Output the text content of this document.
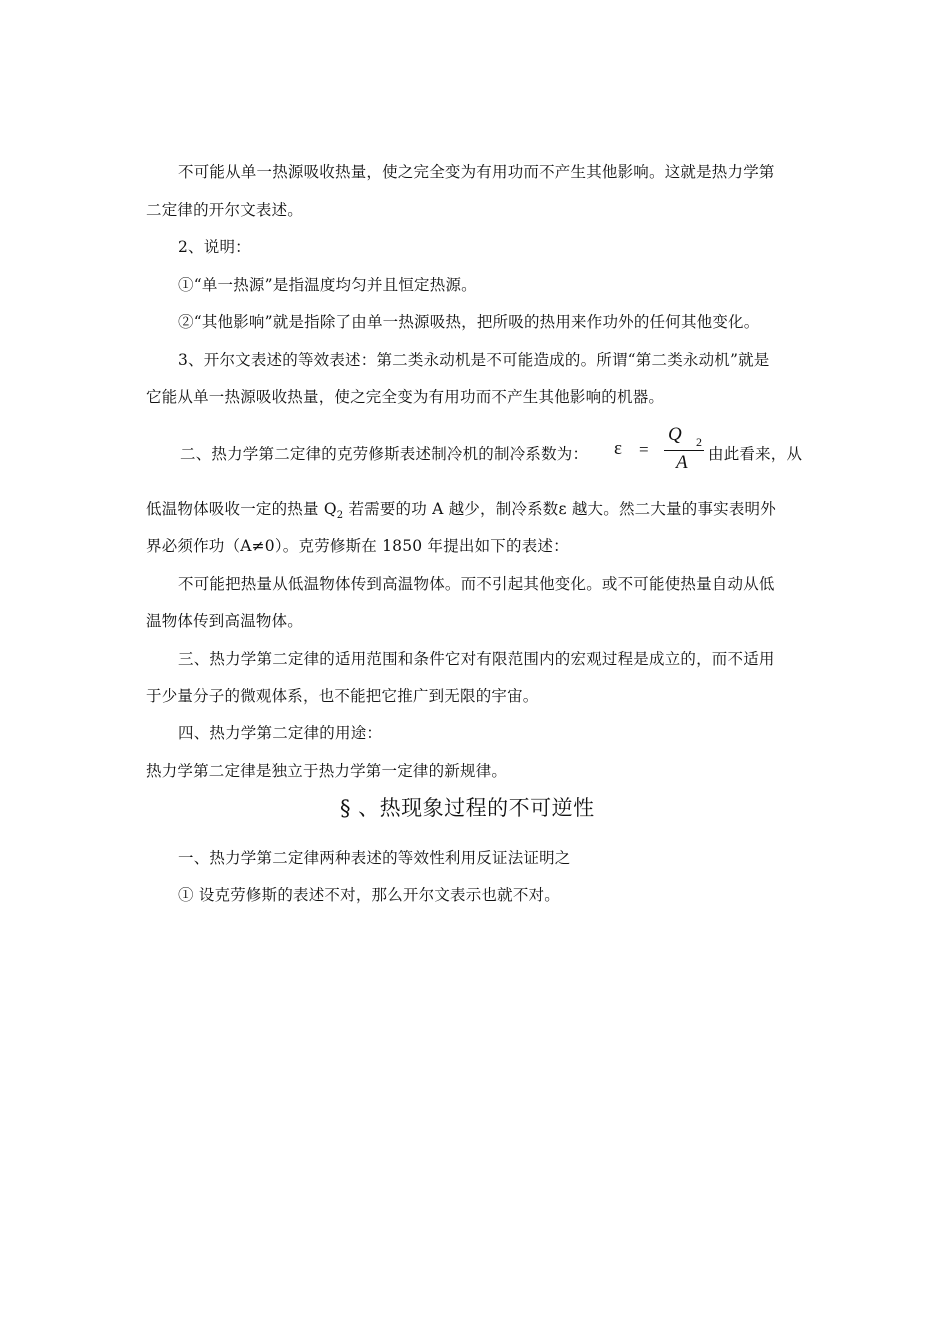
不可能从单一热源吸收热量，使之完全变为有用功而不产生其他影响。这就是热力学第
二定律的开尔文表述。
2、说明：
①“单一热源”是指温度均匀并且恒定热源。
②“其他影响”就是指除了由单一热源吸热，把所吸的热用来作功外的任何其他变化。
3、开尔文表述的等效表述：第二类永动机是不可能造成的。所谓“第二类永动机”就是
它能从单一热源吸收热量，使之完全变为有用功而不产生其他影响的机器。
二、热力学第二定律的克劳修斯表述制冷机的制冷系数为： ε =
Q 2
A 由此看来，从
低温物体吸收一定的热量 $Q_2$ 若需要的功 A 越少，制冷系数ε 越大。然二大量的事实表明外
界必须作功（A≠0）。克劳修斯在 1850 年提出如下的表述：
不可能把热量从低温物体传到高温物体。而不引起其他变化。或不可能使热量自动从低
温物体传到高温物体。
三、热力学第二定律的适用范围和条件它对有限范围内的宏观过程是成立的，而不适用
于少量分子的微观体系，也不能把它推广到无限的宇宙。
四、热力学第二定律的用途：
热力学第二定律是独立于热力学第一定律的新规律。
§ 、热现象过程的不可逆性
一、热力学第二定律两种表述的等效性利用反证法证明之
① 设克劳修斯的表述不对，那么开尔文表示也就不对。
